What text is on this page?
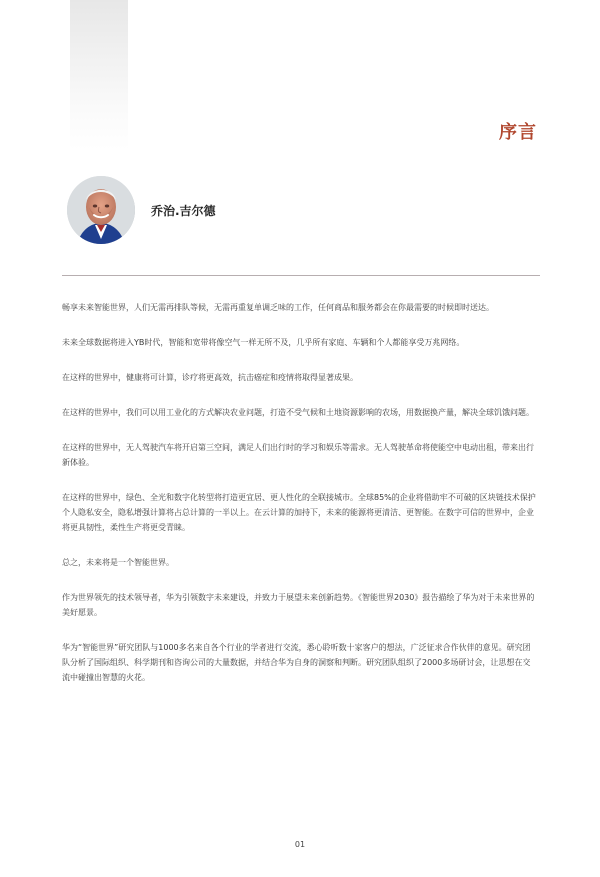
序言
乔治.吉尔德

畅享未来智能世界，人们无需再排队等候，无需再重复单调乏味的工作，任何商品和服务都会在你最需要的时候即时送达。

未来全球数据将进入YB时代，智能和宽带将像空气一样无所不及，几乎所有家庭、车辆和个人都能享受万兆网络。

在这样的世界中，健康将可计算，诊疗将更高效，抗击癌症和疫情将取得显著成果。

在这样的世界中，我们可以用工业化的方式解决农业问题，打造不受气候和土地资源影响的农场，用数据换产量，解决全球饥饿问题。

在这样的世界中，无人驾驶汽车将开启第三空间，满足人们出行时的学习和娱乐等需求。无人驾驶革命将使能空中电动出租，带来出行新体验。

在这样的世界中，绿色、全光和数字化转型将打造更宜居、更人性化的全联接城市。全球85%的企业将借助牢不可破的区块链技术保护个人隐私安全，隐私增强计算将占总计算的一半以上。在云计算的加持下，未来的能源将更清洁、更智能。在数字可信的世界中，企业将更具韧性，柔性生产将更受青睐。

总之，未来将是一个智能世界。

作为世界领先的技术领导者，华为引领数字未来建设，并致力于展望未来创新趋势。《智能世界2030》报告描绘了华为对于未来世界的美好愿景。

华为“智能世界”研究团队与1000多名来自各个行业的学者进行交流，悉心聆听数十家客户的想法，广泛征求合作伙伴的意见。研究团队分析了国际组织、科学期刊和咨询公司的大量数据，并结合华为自身的洞察和判断。研究团队组织了2000多场研讨会，让思想在交流中碰撞出智慧的火花。

01
